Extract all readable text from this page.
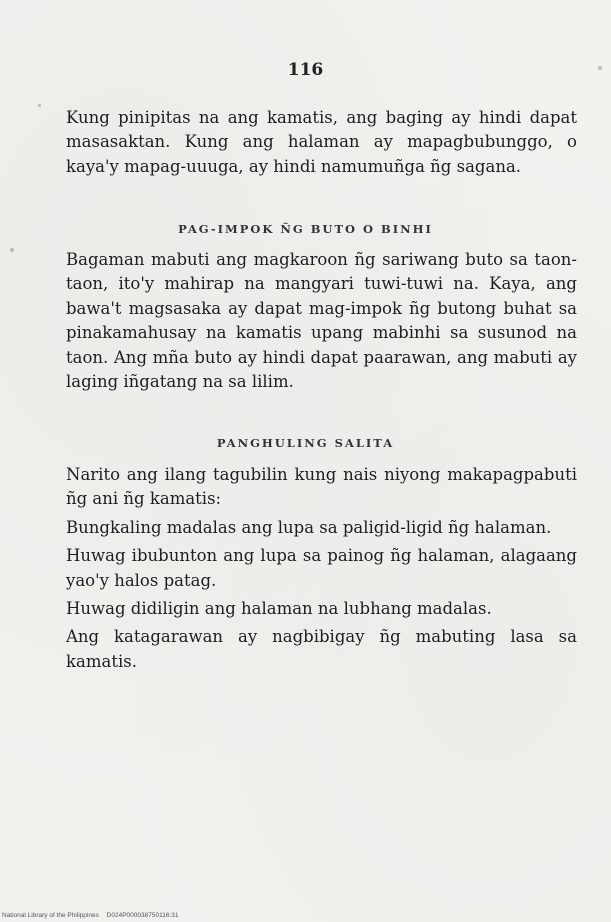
116

Kung pinipitas na ang kamatis, ang baging ay hindi dapat masasaktan. Kung ang halaman ay mapagbubunggo, o kaya'y mapag-uuuga, ay hindi namumuñga ñg sagana.

PAG-IMPOK ÑG BUTO O BINHI

Bagaman mabuti ang magkaroon ñg sariwang buto sa taon-taon, ito'y mahirap na mangyari tuwi-tuwi na. Kaya, ang bawa't magsasaka ay dapat mag-impok ñg butong buhat sa pinakamahusay na kamatis upang mabinhi sa susunod na taon. Ang mña buto ay hindi dapat paarawan, ang mabuti ay laging iñgatang na sa lilim.

PANGHULING SALITA

Narito ang ilang tagubilin kung nais niyong makapagpabuti ñg ani ñg kamatis:

Bungkaling madalas ang lupa sa paligid-ligid ñg halaman.

Huwag ibubunton ang lupa sa painog ñg halaman, alagaang yao'y halos patag.

Huwag didiligin ang halaman na lubhang madalas.

Ang katagarawan ay nagbibigay ñg mabuting lasa sa kamatis.

National Library of the Philippines D024P000038750116:31
